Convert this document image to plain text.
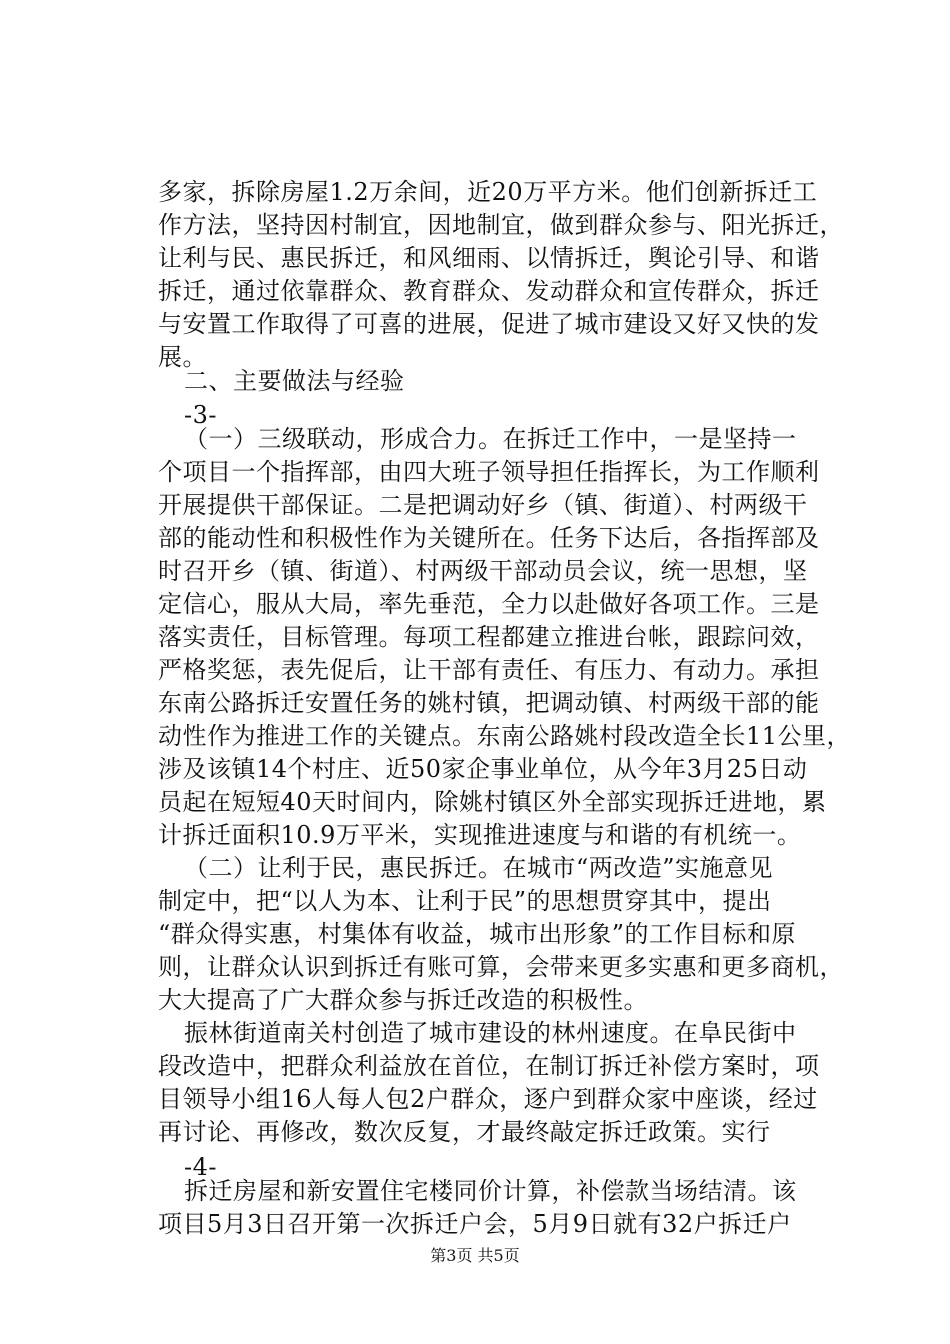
多家，拆除房屋1.2万余间，近20万平方米。他们创新拆迁工
作方法，坚持因村制宜，因地制宜，做到群众参与、阳光拆迁，
让利与民、惠民拆迁，和风细雨、以情拆迁，舆论引导、和谐
拆迁，通过依靠群众、教育群众、发动群众和宣传群众，拆迁
与安置工作取得了可喜的进展，促进了城市建设又好又快的发
展。
二、主要做法与经验
-3-
（一）三级联动，形成合力。在拆迁工作中，一是坚持一
个项目一个指挥部，由四大班子领导担任指挥长，为工作顺利
开展提供干部保证。二是把调动好乡（镇、街道）、村两级干
部的能动性和积极性作为关键所在。任务下达后，各指挥部及
时召开乡（镇、街道）、村两级干部动员会议，统一思想，坚
定信心，服从大局，率先垂范，全力以赴做好各项工作。三是
落实责任，目标管理。每项工程都建立推进台帐，跟踪问效，
严格奖惩，表先促后，让干部有责任、有压力、有动力。承担
东南公路拆迁安置任务的姚村镇，把调动镇、村两级干部的能
动性作为推进工作的关键点。东南公路姚村段改造全长11公里，
涉及该镇14个村庄、近50家企事业单位，从今年3月25日动
员起在短短40天时间内，除姚村镇区外全部实现拆迁进地，累
计拆迁面积10.9万平米，实现推进速度与和谐的有机统一。
（二）让利于民，惠民拆迁。在城市“两改造”实施意见
制定中，把“以人为本、让利于民”的思想贯穿其中，提出
“群众得实惠，村集体有收益，城市出形象”的工作目标和原
则，让群众认识到拆迁有账可算，会带来更多实惠和更多商机，
大大提高了广大群众参与拆迁改造的积极性。
振林街道南关村创造了城市建设的林州速度。在阜民街中
段改造中，把群众利益放在首位，在制订拆迁补偿方案时，项
目领导小组16人每人包2户群众，逐户到群众家中座谈，经过
再讨论、再修改，数次反复，才最终敲定拆迁政策。实行
-4-
拆迁房屋和新安置住宅楼同价计算，补偿款当场结清。该
项目5月3日召开第一次拆迁户会，5月9日就有32户拆迁户
第3页 共5页
